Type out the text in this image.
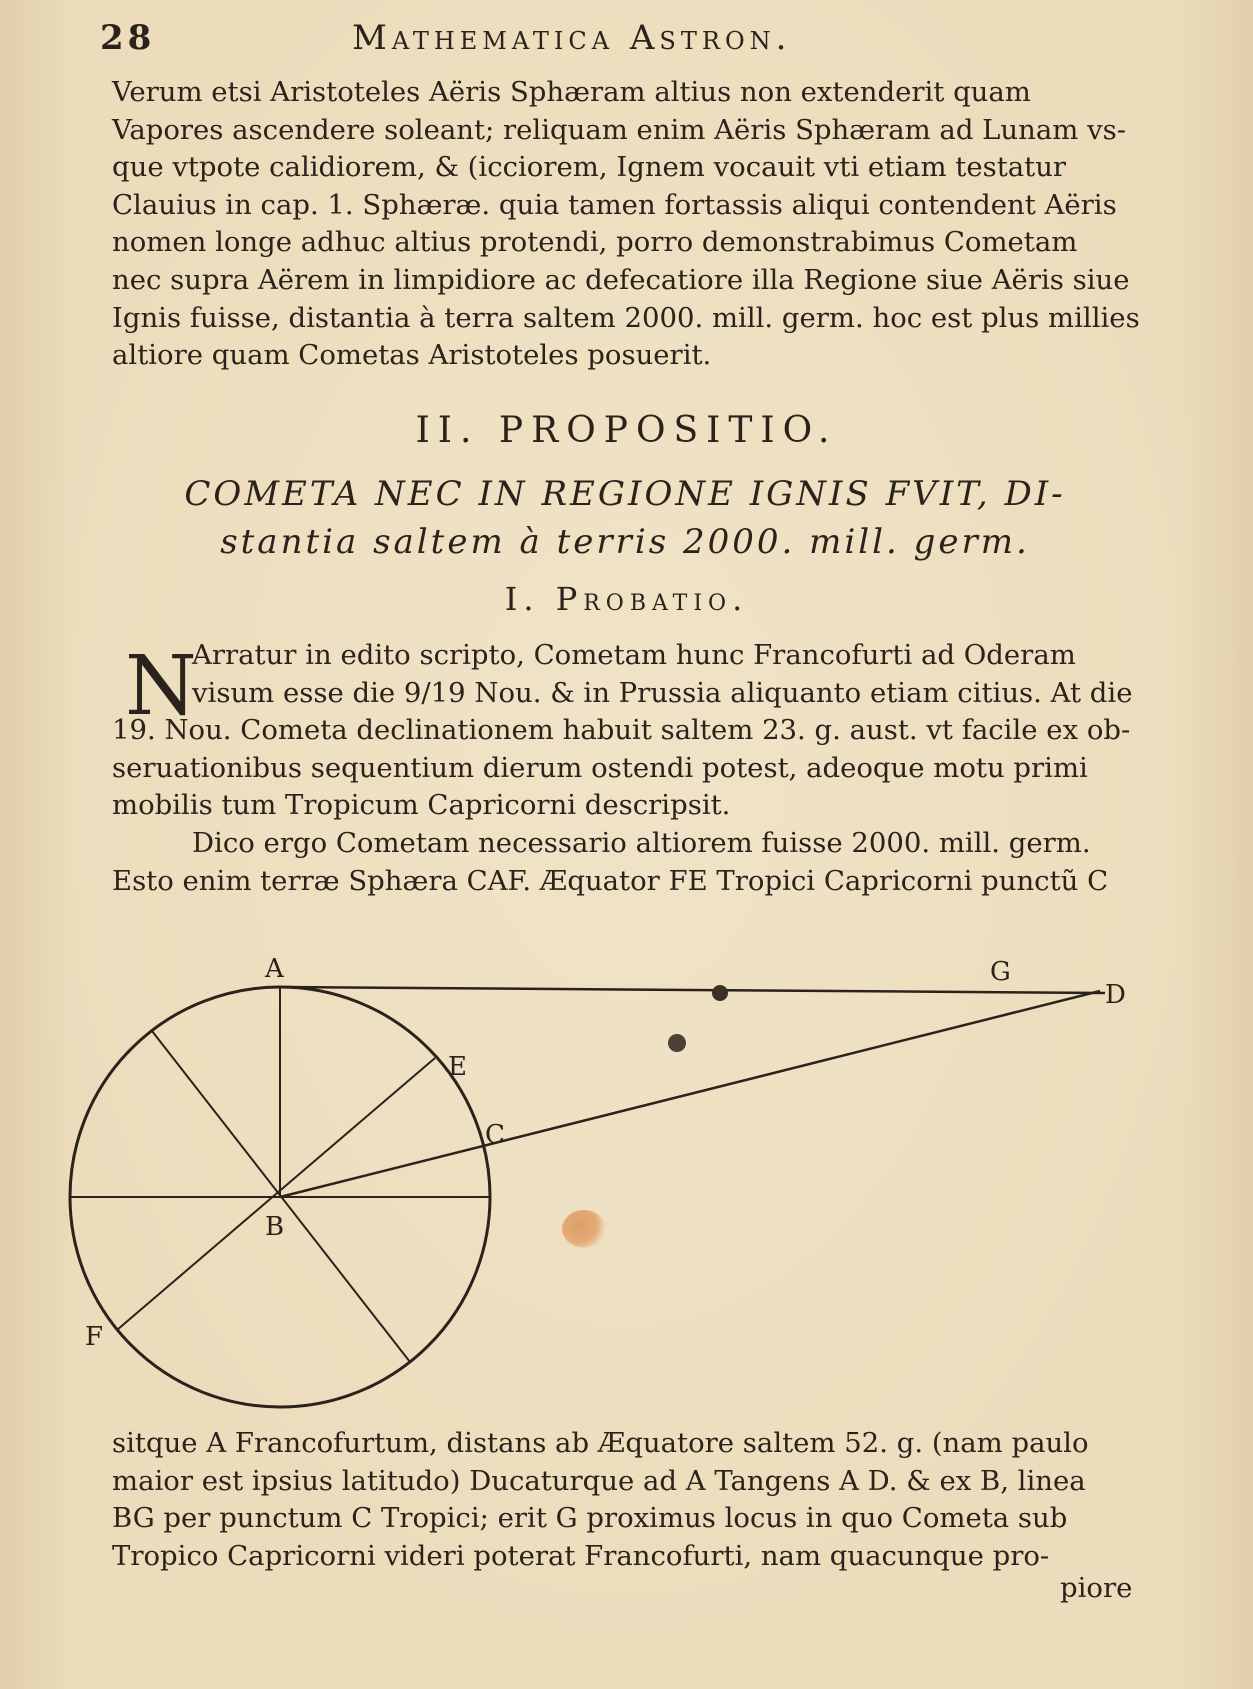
28	Mathematica Astron.
Verum etsi Aristoteles Aëris Sphæram altius non extenderit quam
Vapores ascendere soleant; reliquam enim Aëris Sphæram ad Lunam vs-
que vtpote calidiorem, & (icciorem, Ignem vocauit vti etiam testatur
Clauius in cap. 1. Sphæræ. quia tamen fortassis aliqui contendent Aëris
nomen longe adhuc altius protendi, porro demonstrabimus Cometam
nec supra Aërem in limpidiore ac defecatiore illa Regione siue Aëris siue
Ignis fuisse, distantia à terra saltem 2000. mill. germ. hoc est plus millies
altiore quam Cometas Aristoteles posuerit.
II. PROPOSITIO.
COMETA NEC IN REGIONE IGNIS FVIT, DI-
stantia saltem à terris 2000. mill. germ.
I. Probatio.
N
Arratur in edito scripto, Cometam hunc Francofurti ad Oderam
visum esse die 9/19 Nou. & in Prussia aliquanto etiam citius. At die
19. Nou. Cometa declinationem habuit saltem 23. g. aust. vt facile ex ob-
seruationibus sequentium dierum ostendi potest, adeoque motu primi
mobilis tum Tropicum Capricorni descripsit.
Dico ergo Cometam necessario altiorem fuisse 2000. mill. germ.
Esto enim terræ Sphæra CAF. Æquator FE Tropici Capricorni punctũ C
A
B
C
D
E
F
G
sitque A Francofurtum, distans ab Æquatore saltem 52. g. (nam paulo
maior est ipsius latitudo) Ducaturque ad A Tangens A D. & ex B, linea
BG per punctum C Tropici; erit G proximus locus in quo Cometa sub
Tropico Capricorni videri poterat Francofurti, nam quacunque pro-
piore
